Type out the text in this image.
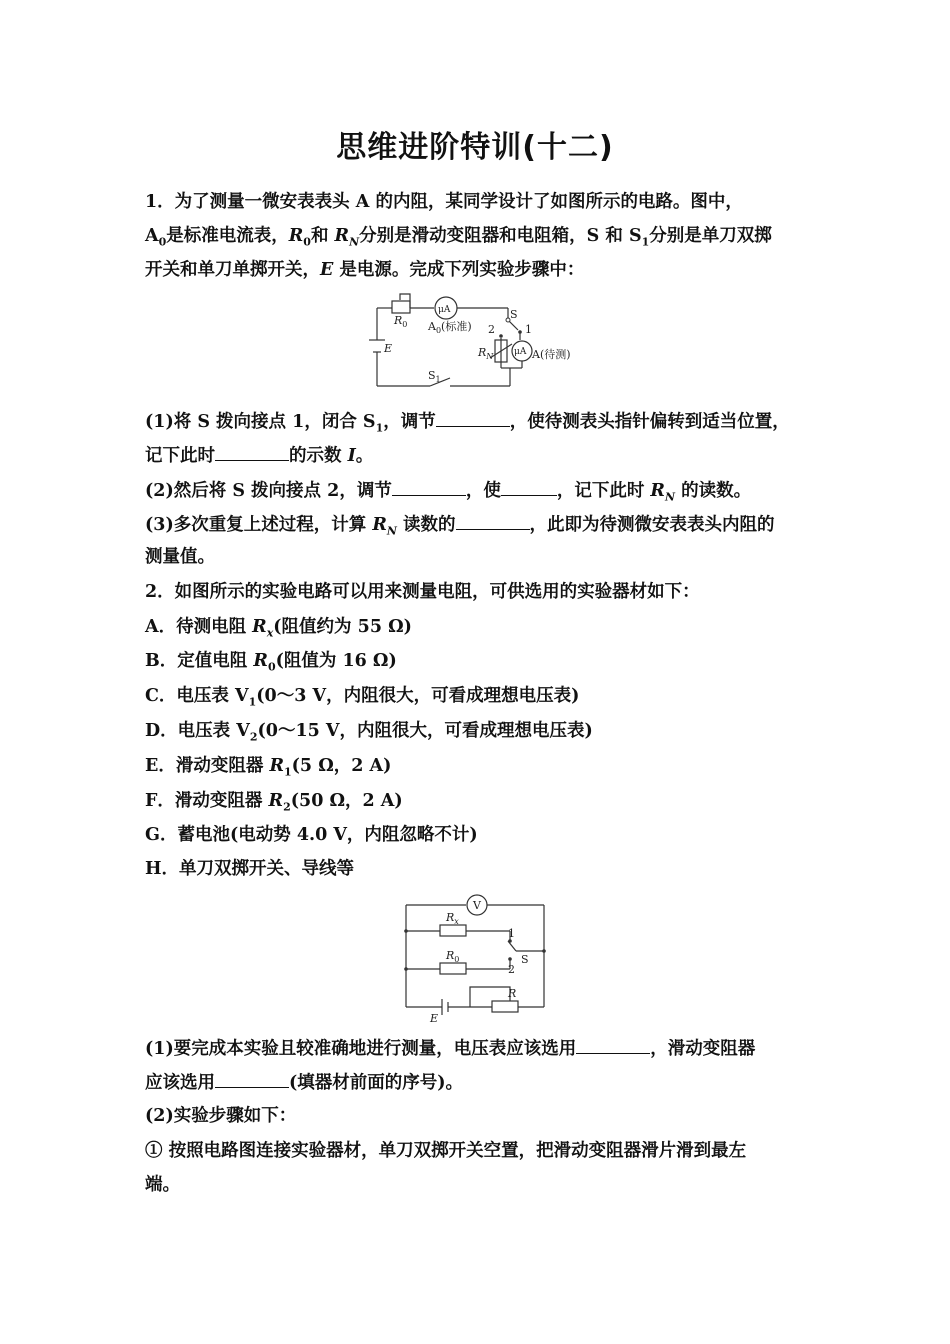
思维进阶特训(十二)
1．为了测量一微安表表头 A 的内阻，某同学设计了如图所示的电路。图中，
$A_0$是标准电流表，$R_0$和 $R_N$分别是滑动变阻器和电阻箱，S 和 $S_1$分别是单刀双掷
开关和单刀单掷开关，E 是电源。完成下列实验步骤中：
$R_0$
μA
$A_0$(标准)
S
1
2
$R_N$ μA A(待测)
E
$S_1$
(1)将 S 拨向接点 1，闭合 $S_1$，调节	，使待测表头指针偏转到适当位置，
记下此时	的示数 I。
(2)然后将 S 拨向接点 2，调节	，使	，记下此时 $R_N$ 的读数。
(3)多次重复上述过程，计算 $R_N$ 读数的	，此即为待测微安表表头内阻的
测量值。
2．如图所示的实验电路可以用来测量电阻，可供选用的实验器材如下：
A．待测电阻 $R_x$(阻值约为 55 Ω)
B．定值电阻 $R_0$(阻值为 16 Ω)
C．电压表 $V_1(0\sim 3$ V，内阻很大，可看成理想电压表)
D．电压表 $V_2(0\sim 15$ V，内阻很大，可看成理想电压表)
E．滑动变阻器 $R_1(5$ Ω，2 A)
F．滑动变阻器 $R_2(50$ Ω，2 A)
G．蓄电池(电动势 4.0 V，内阻忽略不计)
H．单刀双掷开关、导线等
V
$R_x$
$R_0$
1
2
S
R
E
(1)要完成本实验且较准确地进行测量，电压表应该选用	，滑动变阻器
应该选用	(填器材前面的序号)。
(2)实验步骤如下：
① 按照电路图连接实验器材，单刀双掷开关空置，把滑动变阻器滑片滑到最左
端。
